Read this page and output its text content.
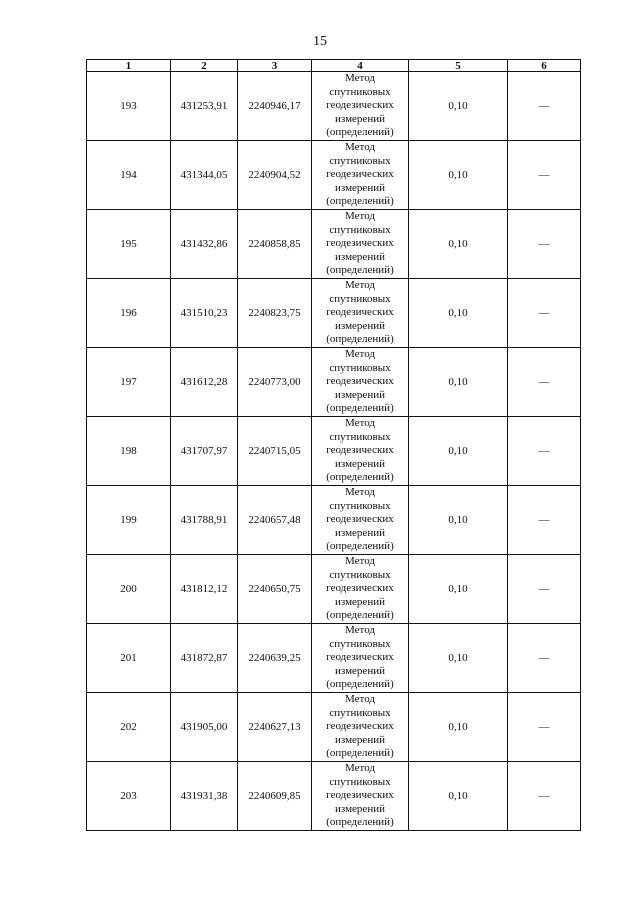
15
1	2	3	4	5	6
193	431253,91	2240946,17	Метод
спутниковых
геодезических
измерений
(определений)	0,10	—
194	431344,05	2240904,52	Метод
спутниковых
геодезических
измерений
(определений)	0,10	—
195	431432,86	2240858,85	Метод
спутниковых
геодезических
измерений
(определений)	0,10	—
196	431510,23	2240823,75	Метод
спутниковых
геодезических
измерений
(определений)	0,10	—
197	431612,28	2240773,00	Метод
спутниковых
геодезических
измерений
(определений)	0,10	—
198	431707,97	2240715,05	Метод
спутниковых
геодезических
измерений
(определений)	0,10	—
199	431788,91	2240657,48	Метод
спутниковых
геодезических
измерений
(определений)	0,10	—
200	431812,12	2240650,75	Метод
спутниковых
геодезических
измерений
(определений)	0,10	—
201	431872,87	2240639,25	Метод
спутниковых
геодезических
измерений
(определений)	0,10	—
202	431905,00	2240627,13	Метод
спутниковых
геодезических
измерений
(определений)	0,10	—
203	431931,38	2240609,85	Метод
спутниковых
геодезических
измерений
(определений)	0,10	—
